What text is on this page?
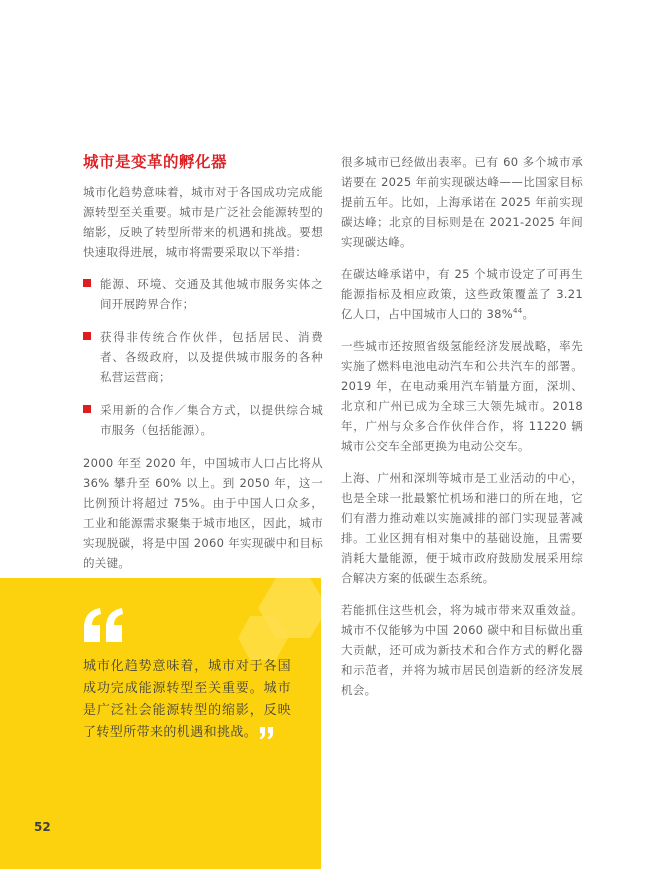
城市是变革的孵化器

城市化趋势意味着，城市对于各国成功完成能源转型至关重要。城市是广泛社会能源转型的缩影，反映了转型所带来的机遇和挑战。要想快速取得进展，城市将需要采取以下举措：

能源、环境、交通及其他城市服务实体之间开展跨界合作；
获得非传统合作伙伴，包括居民、消费者、各级政府，以及提供城市服务的各种私营运营商；
采用新的合作／集合方式，以提供综合城市服务（包括能源）。

2000 年至 2020 年，中国城市人口占比将从 36% 攀升至 60% 以上。到 2050 年，这一比例预计将超过 75%。由于中国人口众多，工业和能源需求聚集于城市地区，因此，城市实现脱碳，将是中国 2060 年实现碳中和目标的关键。

很多城市已经做出表率。已有 60 多个城市承诺要在 2025 年前实现碳达峰——比国家目标提前五年。比如，上海承诺在 2025 年前实现碳达峰；北京的目标则是在 2021-2025 年间实现碳达峰。

在碳达峰承诺中，有 25 个城市设定了可再生能源指标及相应政策，这些政策覆盖了 3.21 亿人口，占中国城市人口的 38%$^{44}$。

一些城市还按照省级氢能经济发展战略，率先实施了燃料电池电动汽车和公共汽车的部署。2019 年，在电动乘用汽车销量方面，深圳、北京和广州已成为全球三大领先城市。2018 年，广州与众多合作伙伴合作，将 11220 辆城市公交车全部更换为电动公交车。

上海、广州和深圳等城市是工业活动的中心，也是全球一批最繁忙机场和港口的所在地，它们有潜力推动难以实施减排的部门实现显著减排。工业区拥有相对集中的基础设施，且需要消耗大量能源，便于城市政府鼓励发展采用综合解决方案的低碳生态系统。

若能抓住这些机会，将为城市带来双重效益。城市不仅能够为中国 2060 碳中和目标做出重大贡献，还可成为新技术和合作方式的孵化器和示范者，并将为城市居民创造新的经济发展机会。

城市化趋势意味着，城市对于各国成功完成能源转型至关重要。城市是广泛社会能源转型的缩影，反映了转型所带来的机遇和挑战。
52
